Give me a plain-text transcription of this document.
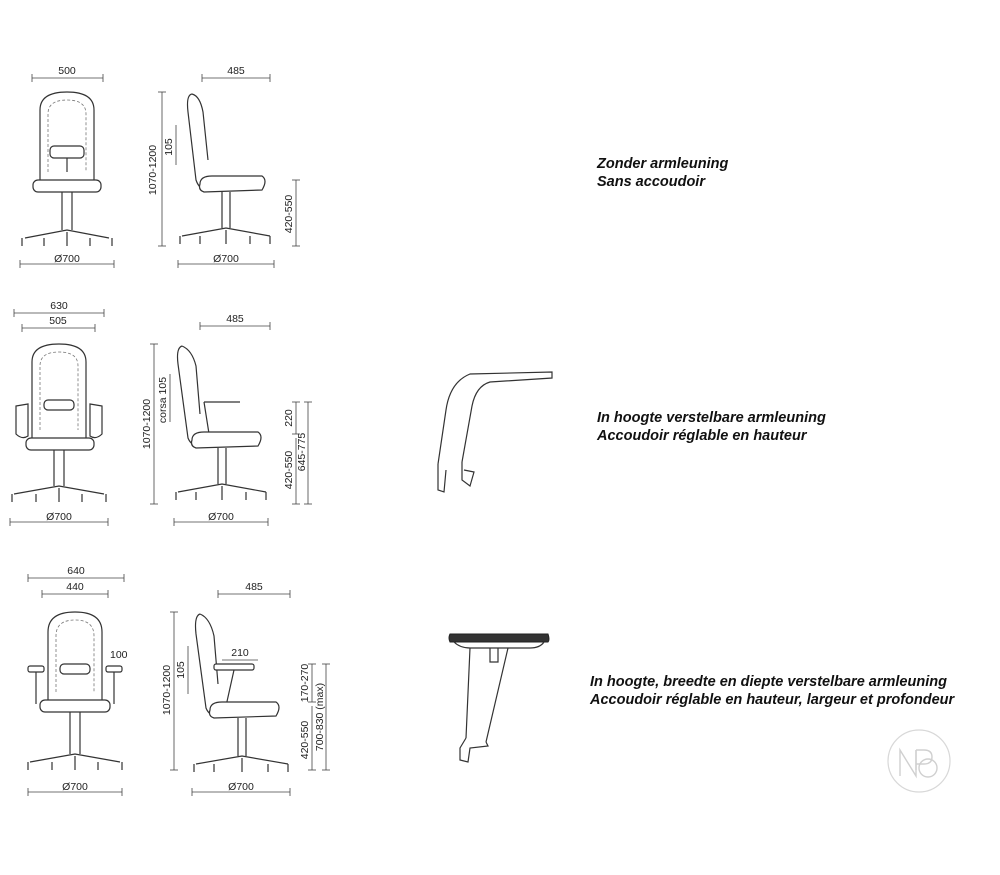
500
Ø700
485
1070-1200 105
420-550
Ø700
630
505
Ø700
485
1070-1200 corsa 105	220
420-550 645-775
Ø700
640
440
100
Ø700
485
1070-1200 105
210
170-270
420-550 700-830 (max)
Ø700
Zonder armleuning
Sans accoudoir
In hoogte verstelbare armleuning
Accoudoir réglable en hauteur
In hoogte, breedte en diepte verstelbare armleuning
Accoudoir réglable en hauteur, largeur et profondeur
